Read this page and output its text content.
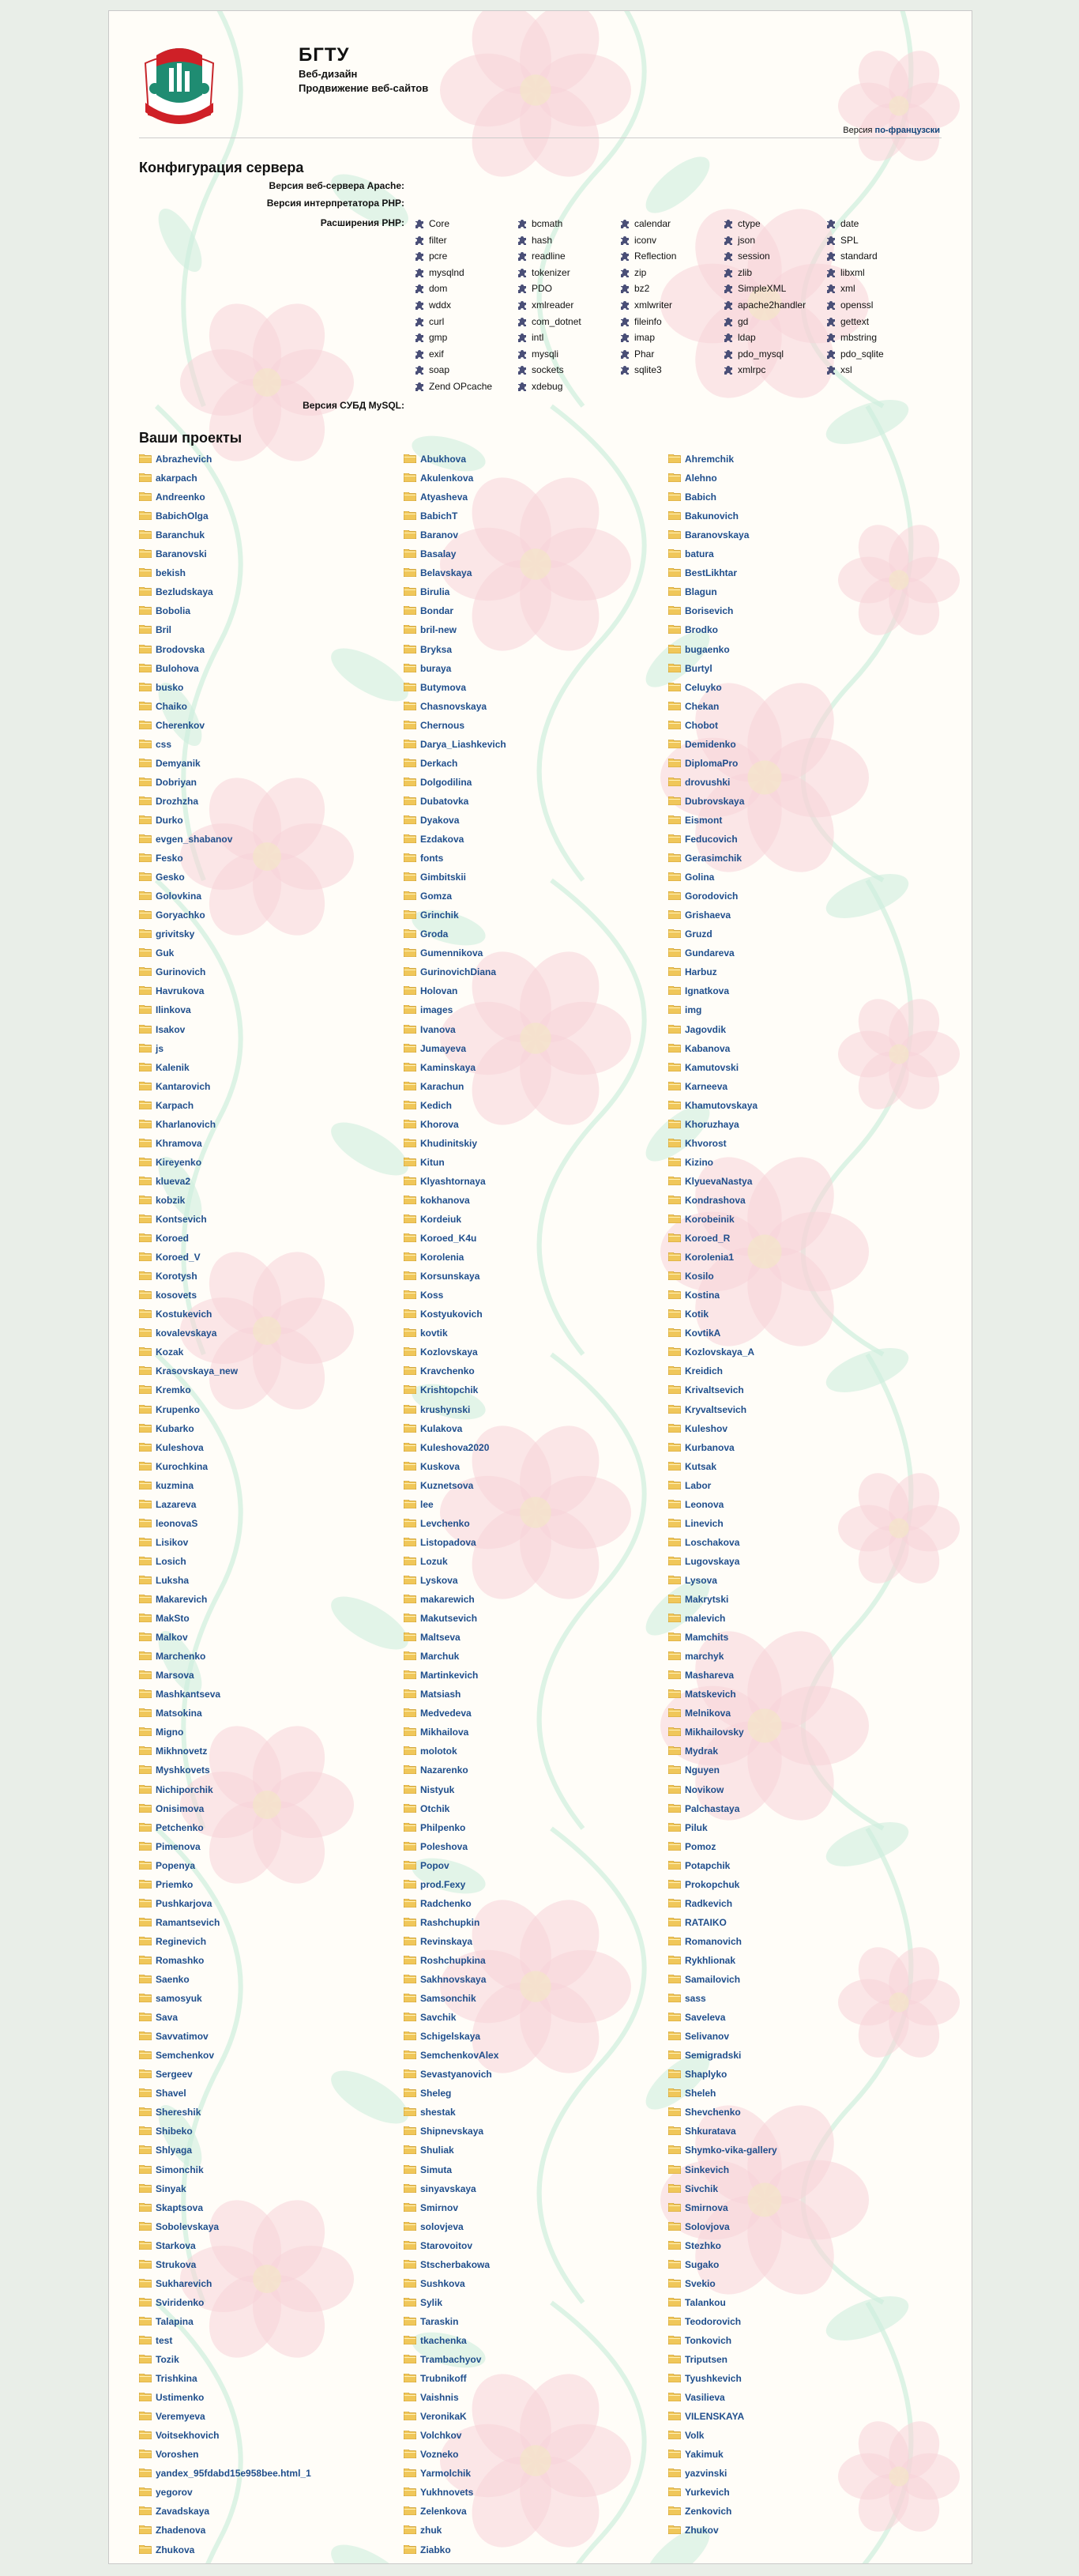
БГТУ
Веб-дизайн
Продвижение веб-сайтов
Версия по-французски
Конфигурация сервера
Версия веб-сервера Apache:
Версия интерпретатора PHP:
Расширения PHP:	Core	bcmath	calendar	ctype	date
filter	hash	iconv	json	SPL
pcre	readline	Reflection	session	standard
mysqlnd	tokenizer	zip	zlib	libxml
dom	PDO	bz2	SimpleXML	xml
wddx	xmlreader	xmlwriter	apache2handler	openssl
curl	com_dotnet	fileinfo	gd	gettext
gmp	intl	imap	ldap	mbstring
exif	mysqli	Phar	pdo_mysql	pdo_sqlite
soap	sockets	sqlite3	xmlrpc	xsl
Zend OPcache	xdebug
Версия СУБД MySQL:
Ваши проекты
Abrazhevich
akarpach
Andreenko
BabichOlga
Baranchuk
Baranovski
bekish
Bezludskaya
Bobolia
Bril
Brodovska
Bulohova
busko
Chaiko
Cherenkov
css
Demyanik
Dobriyan
Drozhzha
Durko
evgen_shabanov
Fesko
Gesko
Golovkina
Goryachko
grivitsky
Guk
Gurinovich
Havrukova
Ilinkova
Isakov
js
Kalenik
Kantarovich
Karpach
Kharlanovich
Khramova
Kireyenko
klueva2
kobzik
Kontsevich
Koroed
Koroed_V
Korotysh
kosovets
Kostukevich
kovalevskaya
Kozak
Krasovskaya_new
Kremko
Krupenko
Kubarko
Kuleshova
Kurochkina
kuzmina
Lazareva
leonovaS
Lisikov
Losich
Luksha
Makarevich
MakSto
Malkov
Marchenko
Marsova
Mashkantseva
Matsokina
Migno
Mikhnovetz
Myshkovets
Nichiporchik
Onisimova
Petchenko
Pimenova
Popenya
Priemko
Pushkarjova
Ramantsevich
Reginevich
Romashko
Saenko
samosyuk
Sava
Savvatimov
Semchenkov
Sergeev
Shavel
Shereshik
Shibeko
Shlyaga
Simonchik
Sinyak
Skaptsova
Sobolevskaya
Starkova
Strukova
Sukharevich
Sviridenko
Talapina
test
Tozik
Trishkina
Ustimenko
Veremyeva
Voitsekhovich
Voroshen
yandex_95fdabd15e958bee.html_1
yegorov
Zavadskaya
Zhadenova
Zhukova
Abukhova
Akulenkova
Atyasheva
BabichT
Baranov
Basalay
Belavskaya
Birulia
Bondar
bril-new
Bryksa
buraya
Butymova
Chasnovskaya
Chernous
Darya_Liashkevich
Derkach
Dolgodilina
Dubatovka
Dyakova
Ezdakova
fonts
Gimbitskii
Gomza
Grinchik
Groda
Gumennikova
GurinovichDiana
Holovan
images
Ivanova
Jumayeva
Kaminskaya
Karachun
Kedich
Khorova
Khudinitskiy
Kitun
Klyashtornaya
kokhanova
Kordeiuk
Koroed_K4u
Korolenia
Korsunskaya
Koss
Kostyukovich
kovtik
Kozlovskaya
Kravchenko
Krishtopchik
krushynski
Kulakova
Kuleshova2020
Kuskova
Kuznetsova
lee
Levchenko
Listopadova
Lozuk
Lyskova
makarewich
Makutsevich
Maltseva
Marchuk
Martinkevich
Matsiash
Medvedeva
Mikhailova
molotok
Nazarenko
Nistyuk
Otchik
Philpenko
Poleshova
Popov
prod.Fexy
Radchenko
Rashchupkin
Revinskaya
Roshchupkina
Sakhnovskaya
Samsonchik
Savchik
Schigelskaya
SemchenkovAlex
Sevastyanovich
Sheleg
shestak
Shipnevskaya
Shuliak
Simuta
sinyavskaya
Smirnov
solovjeva
Starovoitov
Stscherbakowa
Sushkova
Sylik
Taraskin
tkachenka
Trambachyov
Trubnikoff
Vaishnis
VeronikaK
Volchkov
Vozneko
Yarmolchik
Yukhnovets
Zelenkova
zhuk
Ziabko
Ahremchik
Alehno
Babich
Bakunovich
Baranovskaya
batura
BestLikhtar
Blagun
Borisevich
Brodko
bugaenko
Burtyl
Celuyko
Chekan
Chobot
Demidenko
DiplomaPro
drovushki
Dubrovskaya
Eismont
Feducovich
Gerasimchik
Golina
Gorodovich
Grishaeva
Gruzd
Gundareva
Harbuz
Ignatkova
img
Jagovdik
Kabanova
Kamutovski
Karneeva
Khamutovskaya
Khoruzhaya
Khvorost
Kizino
KlyuevaNastya
Kondrashova
Korobeinik
Koroed_R
Korolenia1
Kosilo
Kostina
Kotik
KovtikA
Kozlovskaya_A
Kreidich
Krivaltsevich
Kryvaltsevich
Kuleshov
Kurbanova
Kutsak
Labor
Leonova
Linevich
Loschakova
Lugovskaya
Lysova
Makrytski
malevich
Mamchits
marchyk
Mashareva
Matskevich
Melnikova
Mikhailovsky
Mydrak
Nguyen
Novikow
Palchastaya
Piluk
Pomoz
Potapchik
Prokopchuk
Radkevich
RATAIKO
Romanovich
Rykhlionak
Samailovich
sass
Saveleva
Selivanov
Semigradski
Shaplyko
Sheleh
Shevchenko
Shkuratava
Shymko-vika-gallery
Sinkevich
Sivchik
Smirnova
Solovjova
Stezhko
Sugako
Svekio
Talankou
Teodorovich
Tonkovich
Triputsen
Tyushkevich
Vasilieva
VILENSKAYA
Volk
Yakimuk
yazvinski
Yurkevich
Zenkovich
Zhukov
